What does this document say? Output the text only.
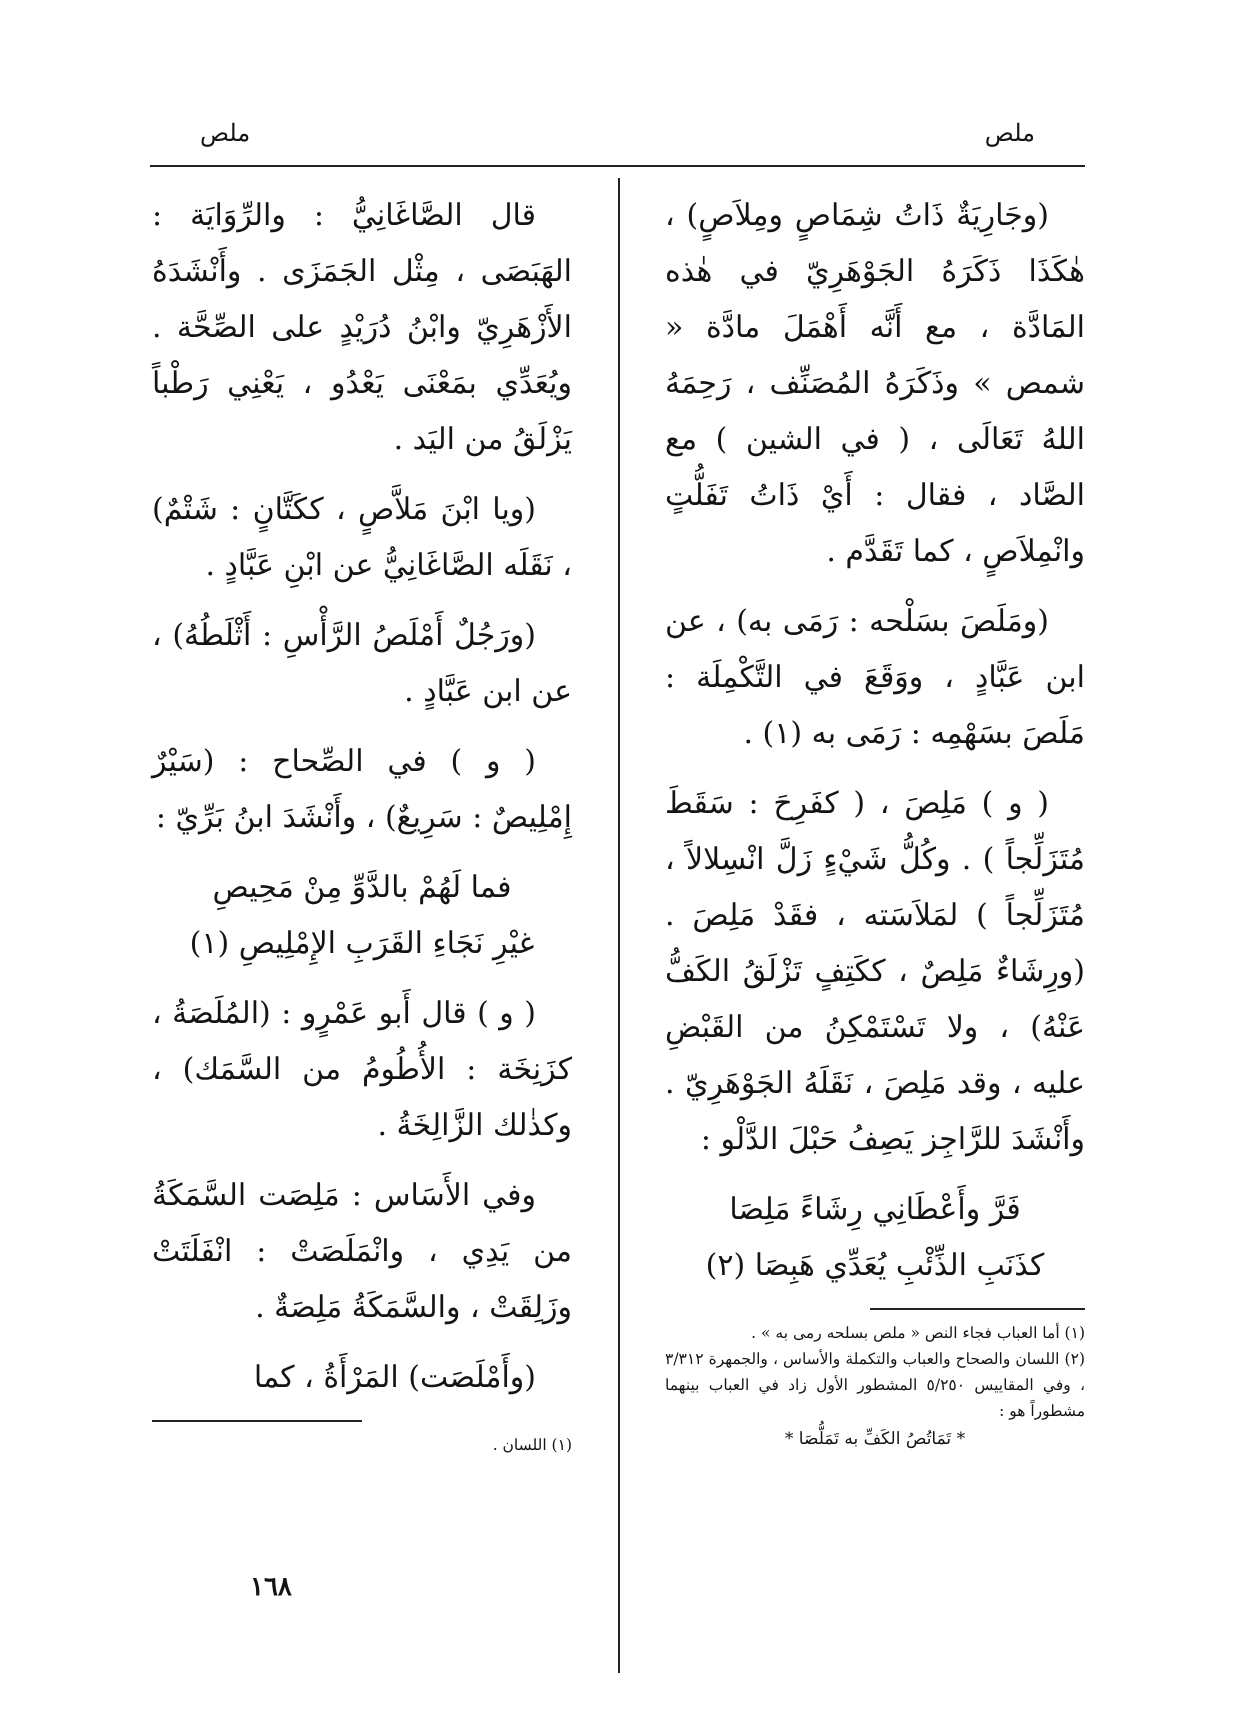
ملص
ملص

(وجَارِيَةٌ ذَاتُ شِمَاصٍ ومِلاَصٍ) ، هٰكَذَا ذَكَرَهُ الجَوْهَرِيّ في هٰذه المَادَّة ، مع أَنَّه أَهْمَلَ مادَّة « شمص » وذَكَرَهُ المُصَنِّف ، رَحِمَهُ اللهُ تَعَالَى ، ( في الشين ) مع الصَّاد ، فقال : أَيْ ذَاتُ تَفَلُّتٍ وانْمِلاَصٍ ، كما تَقَدَّم .

(ومَلَصَ بسَلْحه : رَمَى به) ، عن ابن عَبَّادٍ ، ووَقَعَ في التَّكْمِلَة : مَلَصَ بسَهْمِه : رَمَى به (١) .

( و ) مَلِصَ ، ( كفَرِحَ : سَقَطَ مُتَزَلِّجاً ) . وكُلُّ شَيْءٍ زَلَّ انْسِلالاً ، مُتَزَلِّجاً ) لمَلاَسَته ، فقَدْ مَلِصَ . (ورِشَاءٌ مَلِصٌ ، ككَتِفٍ تَزْلَقُ الكَفُّ عَنْهُ) ، ولا تَسْتَمْكِنُ من القَبْضِ عليه ، وقد مَلِصَ ، نَقَلَهُ الجَوْهَرِيّ . وأَنْشَدَ للرَّاجِز يَصِفُ حَبْلَ الدَّلْو :

فَرَّ وأَعْطَانِي رِشَاءً مَلِصَا
كذَنَبِ الذِّئْبِ يُعَدِّي هَبِصَا (٢)

(١) أما العباب فجاء النص « ملص بسلحه رمى به » .

(٢) اللسان والصحاح والعباب والتكملة والأساس ، والجمهرة ٣/٣١٢ ، وفي المقاييس ٥/٢٥٠ المشطور الأول زاد في العباب بينهما مشطوراً هو :

* تَمَاتُصُ الكَفِّ به تَمَلُّصَا *

قال الصَّاغَانِيُّ : والرِّوَايَة : الهَبَصَى ، مِثْل الجَمَزَى . وأَنْشَدَهُ الأَزْهَرِيّ وابْنُ دُرَيْدٍ على الصِّحَّة . ويُعَدِّي بمَعْنَى يَعْدُو ، يَعْنِي رَطْباً يَزْلَقُ من اليَد .

(ويا ابْنَ مَلاَّصٍ ، ككَتَّانٍ : شَتْمٌ) ، نَقَلَه الصَّاغَانِيُّ عن ابْنِ عَبَّادٍ .

(ورَجُلٌ أَمْلَصُ الرَّأْسِ : أَثْلَطُهُ) ، عن ابن عَبَّادٍ .

( و ) في الصِّحاح : (سَيْرٌ إِمْلِيصٌ : سَرِيعٌ) ، وأَنْشَدَ ابنُ بَرِّيّ :

فما لَهُمْ بالدَّوِّ مِنْ مَحِيصِ
غيْرِ نَجَاءِ القَرَبِ الإِمْلِيصِ (١)

( و ) قال أَبو عَمْرٍو : (المُلَصَةُ ، كزَنِخَة : الأُطُومُ من السَّمَك) ، وكذٰلك الزَّالِخَةُ .

وفي الأَسَاس : مَلِصَت السَّمَكَةُ من يَدِي ، وانْمَلَصَتْ : انْفَلَتَتْ وزَلِقَتْ ، والسَّمَكَةُ مَلِصَةٌ .

(وأَمْلَصَت) المَرْأَةُ ، كما

(١) اللسان .

١٦٨
